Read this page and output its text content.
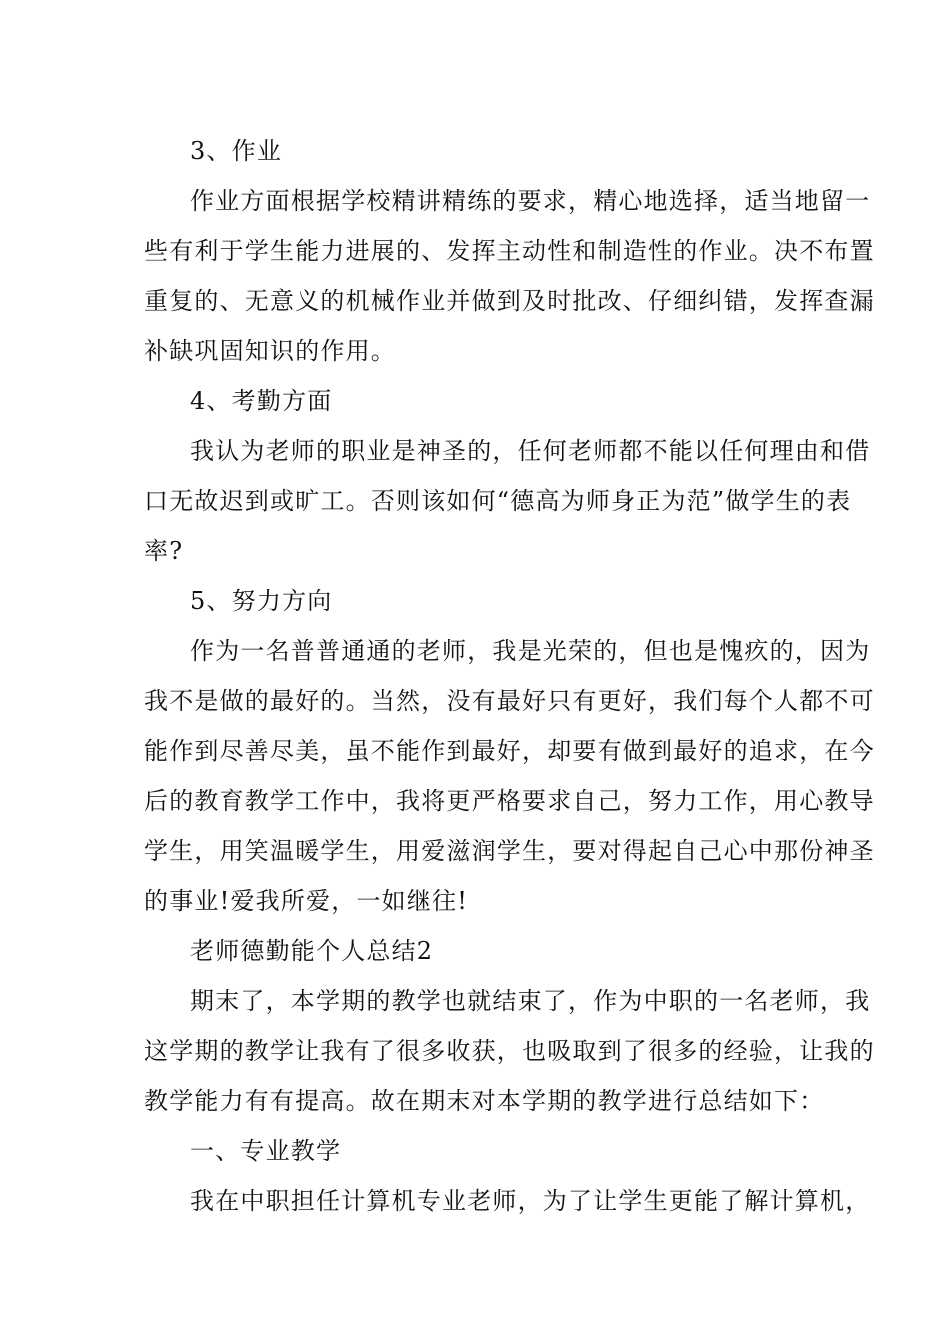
3、作业
作业方面根据学校精讲精练的要求，精心地选择，适当地留一
些有利于学生能力进展的、发挥主动性和制造性的作业。决不布置
重复的、无意义的机械作业并做到及时批改、仔细纠错，发挥查漏
补缺巩固知识的作用。
4、考勤方面
我认为老师的职业是神圣的，任何老师都不能以任何理由和借
口无故迟到或旷工。否则该如何“德高为师身正为范”做学生的表
率?
5、努力方向
作为一名普普通通的老师，我是光荣的，但也是愧疚的，因为
我不是做的最好的。当然，没有最好只有更好，我们每个人都不可
能作到尽善尽美，虽不能作到最好，却要有做到最好的追求，在今
后的教育教学工作中，我将更严格要求自己，努力工作，用心教导
学生，用笑温暖学生，用爱滋润学生，要对得起自己心中那份神圣
的事业!爱我所爱，一如继往!
老师德勤能个人总结2
期末了，本学期的教学也就结束了，作为中职的一名老师，我
这学期的教学让我有了很多收获，也吸取到了很多的经验，让我的
教学能力有有提高。故在期末对本学期的教学进行总结如下：
一、专业教学
我在中职担任计算机专业老师，为了让学生更能了解计算机，
